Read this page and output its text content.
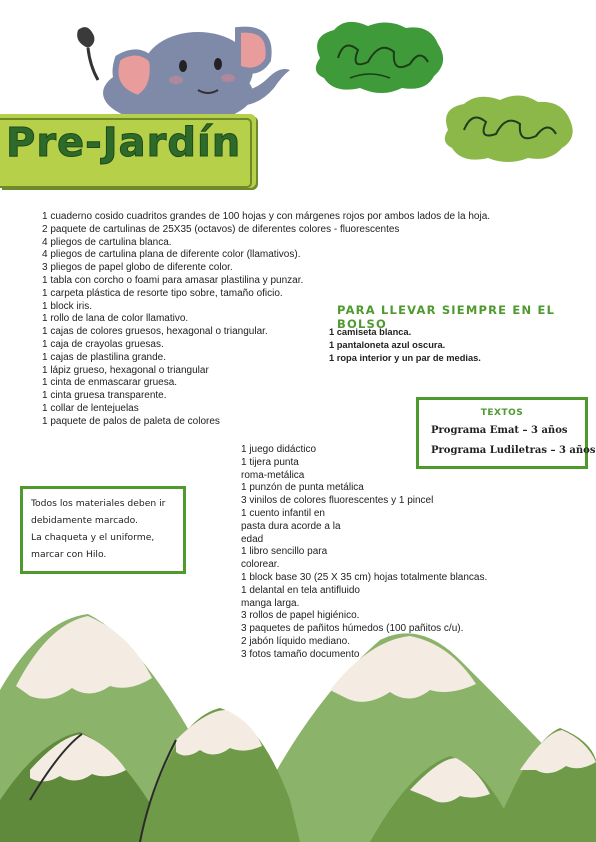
Pre-Jardín
1 cuaderno cosido cuadritos grandes de 100 hojas y con márgenes rojos por ambos lados de la hoja.
2 paquete de cartulinas de 25X35 (octavos) de diferentes colores - fluorescentes
4 pliegos de cartulina blanca.
4 pliegos de cartulina plana de diferente color (llamativos).
3 pliegos de papel globo de diferente color.
1 tabla con corcho o foami para amasar plastilina y punzar.
1 carpeta plástica de resorte tipo sobre, tamaño oficio.
1 block iris.
1 rollo de lana de color llamativo.
1 cajas de colores gruesos, hexagonal o triangular.
1 caja de crayolas gruesas.
1 cajas de plastilina grande.
1 lápiz grueso, hexagonal o triangular
1 cinta de enmascarar gruesa.
1 cinta gruesa transparente.
1 collar de lentejuelas
1 paquete de palos de paleta de colores
PARA LLEVAR SIEMPRE EN EL BOLSO
1 camiseta blanca.
1 pantaloneta azul oscura.
1 ropa interior y un par de medias.
TEXTOS
Programa Emat – 3 años
Programa Ludiletras – 3 años
1 juego didáctico
1 tijera punta
roma-metálica
1 punzón de punta metálica
3 vinilos de colores fluorescentes y 1 pincel
1 cuento infantil en
pasta dura acorde a la
edad
1 libro sencillo para
colorear.
1 block base 30 (25 X 35 cm) hojas totalmente blancas.
1 delantal en tela antifluido
manga larga.
3 rollos de papel higiénico.
3 paquetes de pañitos húmedos (100 pañitos c/u).
2 jabón líquido mediano.
3 fotos tamaño documento
Todos los materiales deben ir
debidamente marcado.
La chaqueta y el uniforme,
marcar con Hilo.
